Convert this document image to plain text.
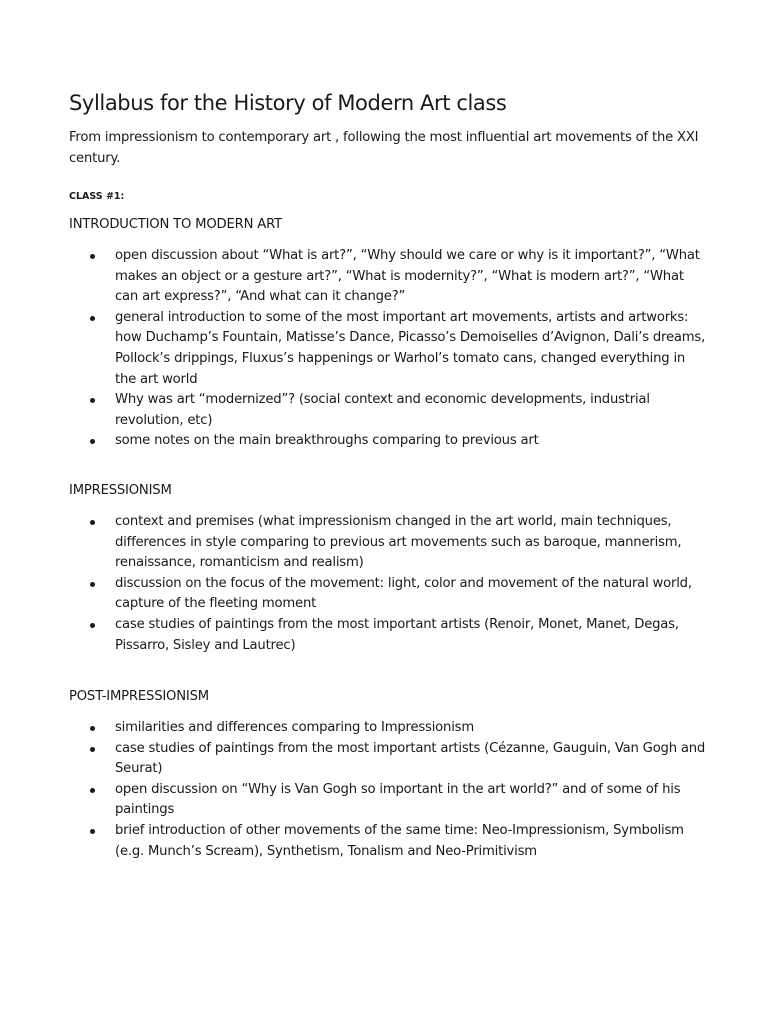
Syllabus for the History of Modern Art class

From impressionism to contemporary art , following the most influential art movements of the XXI century.

CLASS #1:
INTRODUCTION TO MODERN ART
open discussion about “What is art?”, “Why should we care or why is it important?”, “What makes an object or a gesture art?”, “What is modernity?”, “What is modern art?”, “What can art express?”, “And what can it change?”
general introduction to some of the most important art movements, artists and artworks: how Duchamp’s Fountain, Matisse’s Dance, Picasso’s Demoiselles d’Avignon, Dali’s dreams, Pollock’s drippings, Fluxus’s happenings or Warhol’s tomato cans, changed everything in the art world
Why was art “modernized”? (social context and economic developments, industrial revolution, etc)
some notes on the main breakthroughs comparing to previous art
IMPRESSIONISM
context and premises (what impressionism changed in the art world, main techniques, differences in style comparing to previous art movements such as baroque, mannerism, renaissance, romanticism and realism)
discussion on the focus of the movement: light, color and movement of the natural world, capture of the fleeting moment
case studies of paintings from the most important artists (Renoir, Monet, Manet, Degas, Pissarro, Sisley and Lautrec)
POST-IMPRESSIONISM
similarities and differences comparing to Impressionism
case studies of paintings from the most important artists (Cézanne, Gauguin, Van Gogh and Seurat)
open discussion on “Why is Van Gogh so important in the art world?” and of some of his paintings
brief introduction of other movements of the same time: Neo-Impressionism, Symbolism (e.g. Munch’s Scream), Synthetism, Tonalism and Neo-Primitivism
